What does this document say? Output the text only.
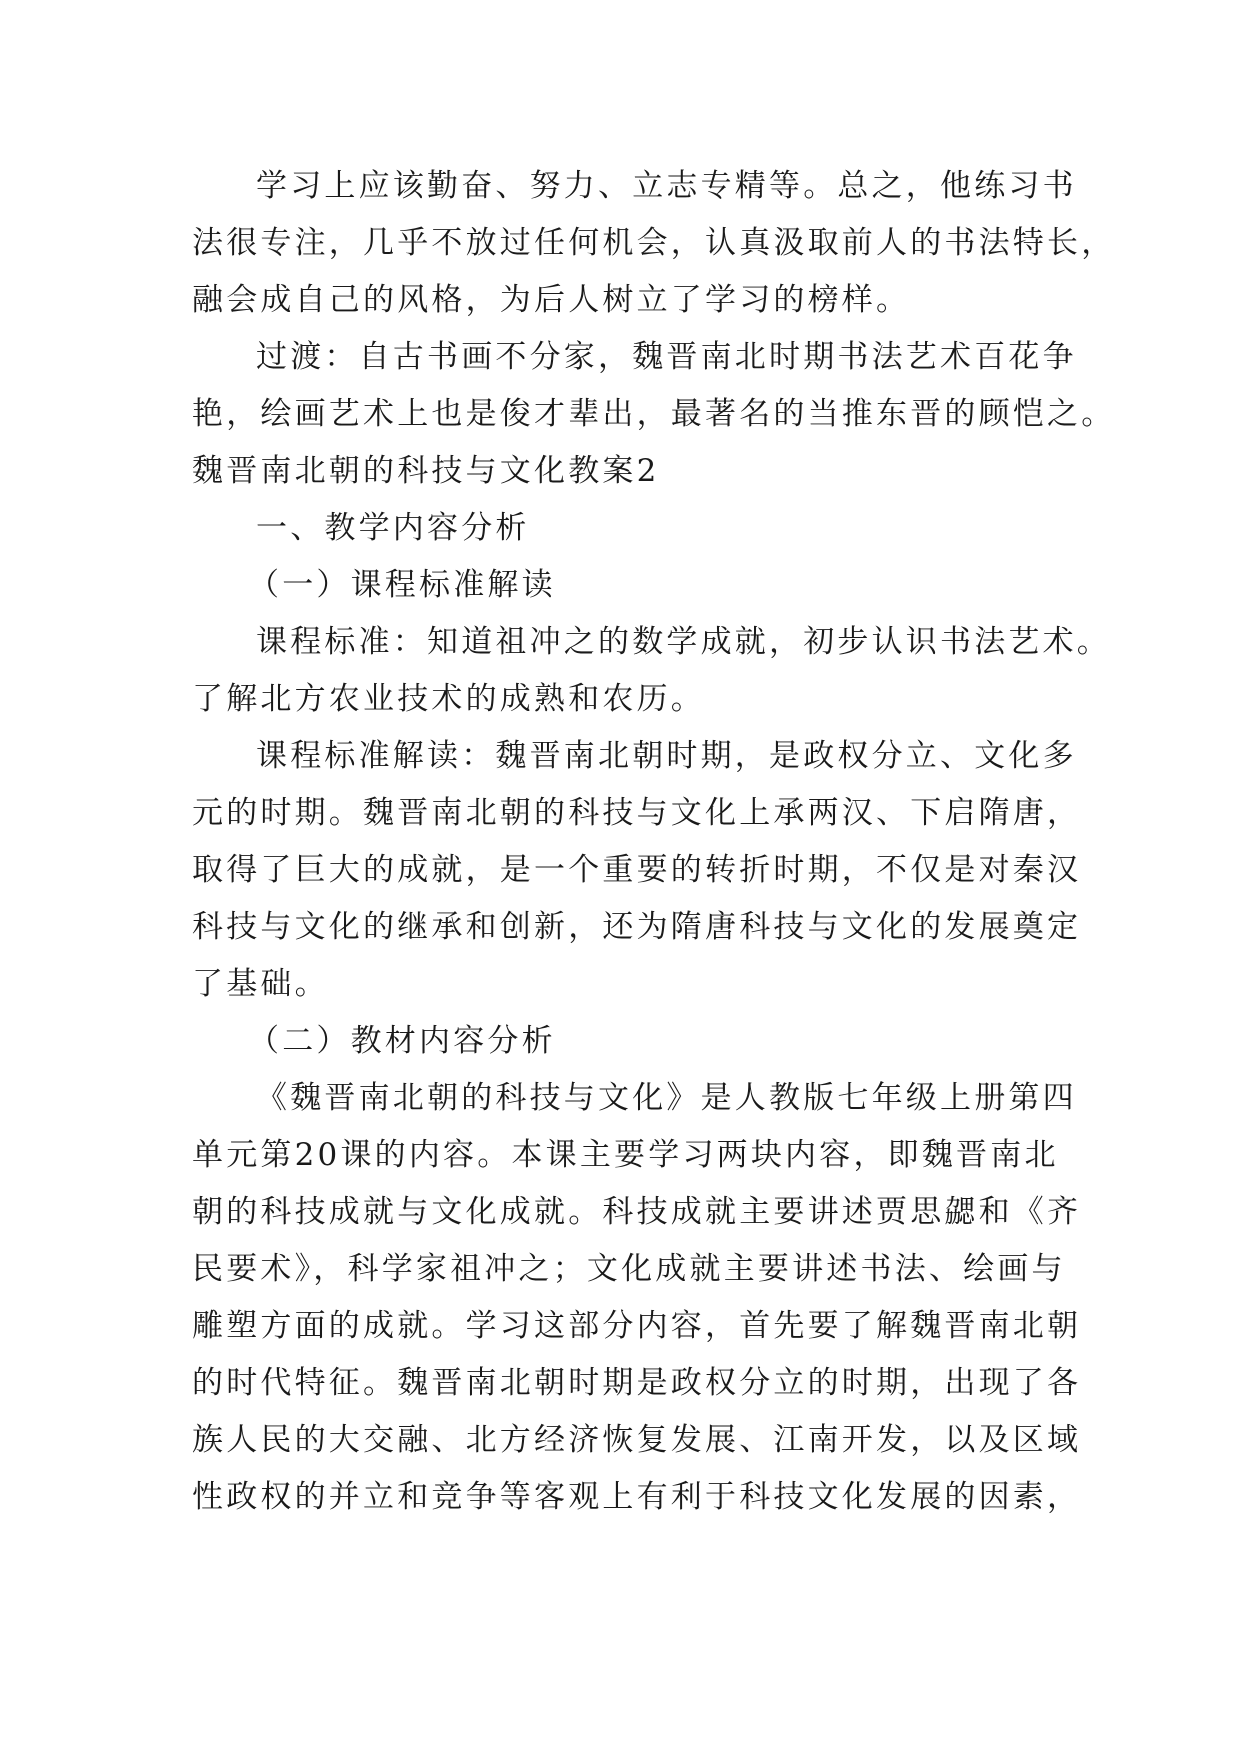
学习上应该勤奋、努力、立志专精等。总之，他练习书
法很专注，几乎不放过任何机会，认真汲取前人的书法特长，
融会成自己的风格，为后人树立了学习的榜样。
过渡：自古书画不分家，魏晋南北时期书法艺术百花争
艳，绘画艺术上也是俊才辈出，最著名的当推东晋的顾恺之。
魏晋南北朝的科技与文化教案2
一、教学内容分析
（一）课程标准解读
课程标准：知道祖冲之的数学成就，初步认识书法艺术。
了解北方农业技术的成熟和农历。
课程标准解读：魏晋南北朝时期，是政权分立、文化多
元的时期。魏晋南北朝的科技与文化上承两汉、下启隋唐，
取得了巨大的成就，是一个重要的转折时期，不仅是对秦汉
科技与文化的继承和创新，还为隋唐科技与文化的发展奠定
了基础。
（二）教材内容分析
《魏晋南北朝的科技与文化》是人教版七年级上册第四
单元第20课的内容。本课主要学习两块内容，即魏晋南北
朝的科技成就与文化成就。科技成就主要讲述贾思勰和《齐
民要术》，科学家祖冲之；文化成就主要讲述书法、绘画与
雕塑方面的成就。学习这部分内容，首先要了解魏晋南北朝
的时代特征。魏晋南北朝时期是政权分立的时期，出现了各
族人民的大交融、北方经济恢复发展、江南开发，以及区域
性政权的并立和竞争等客观上有利于科技文化发展的因素，
